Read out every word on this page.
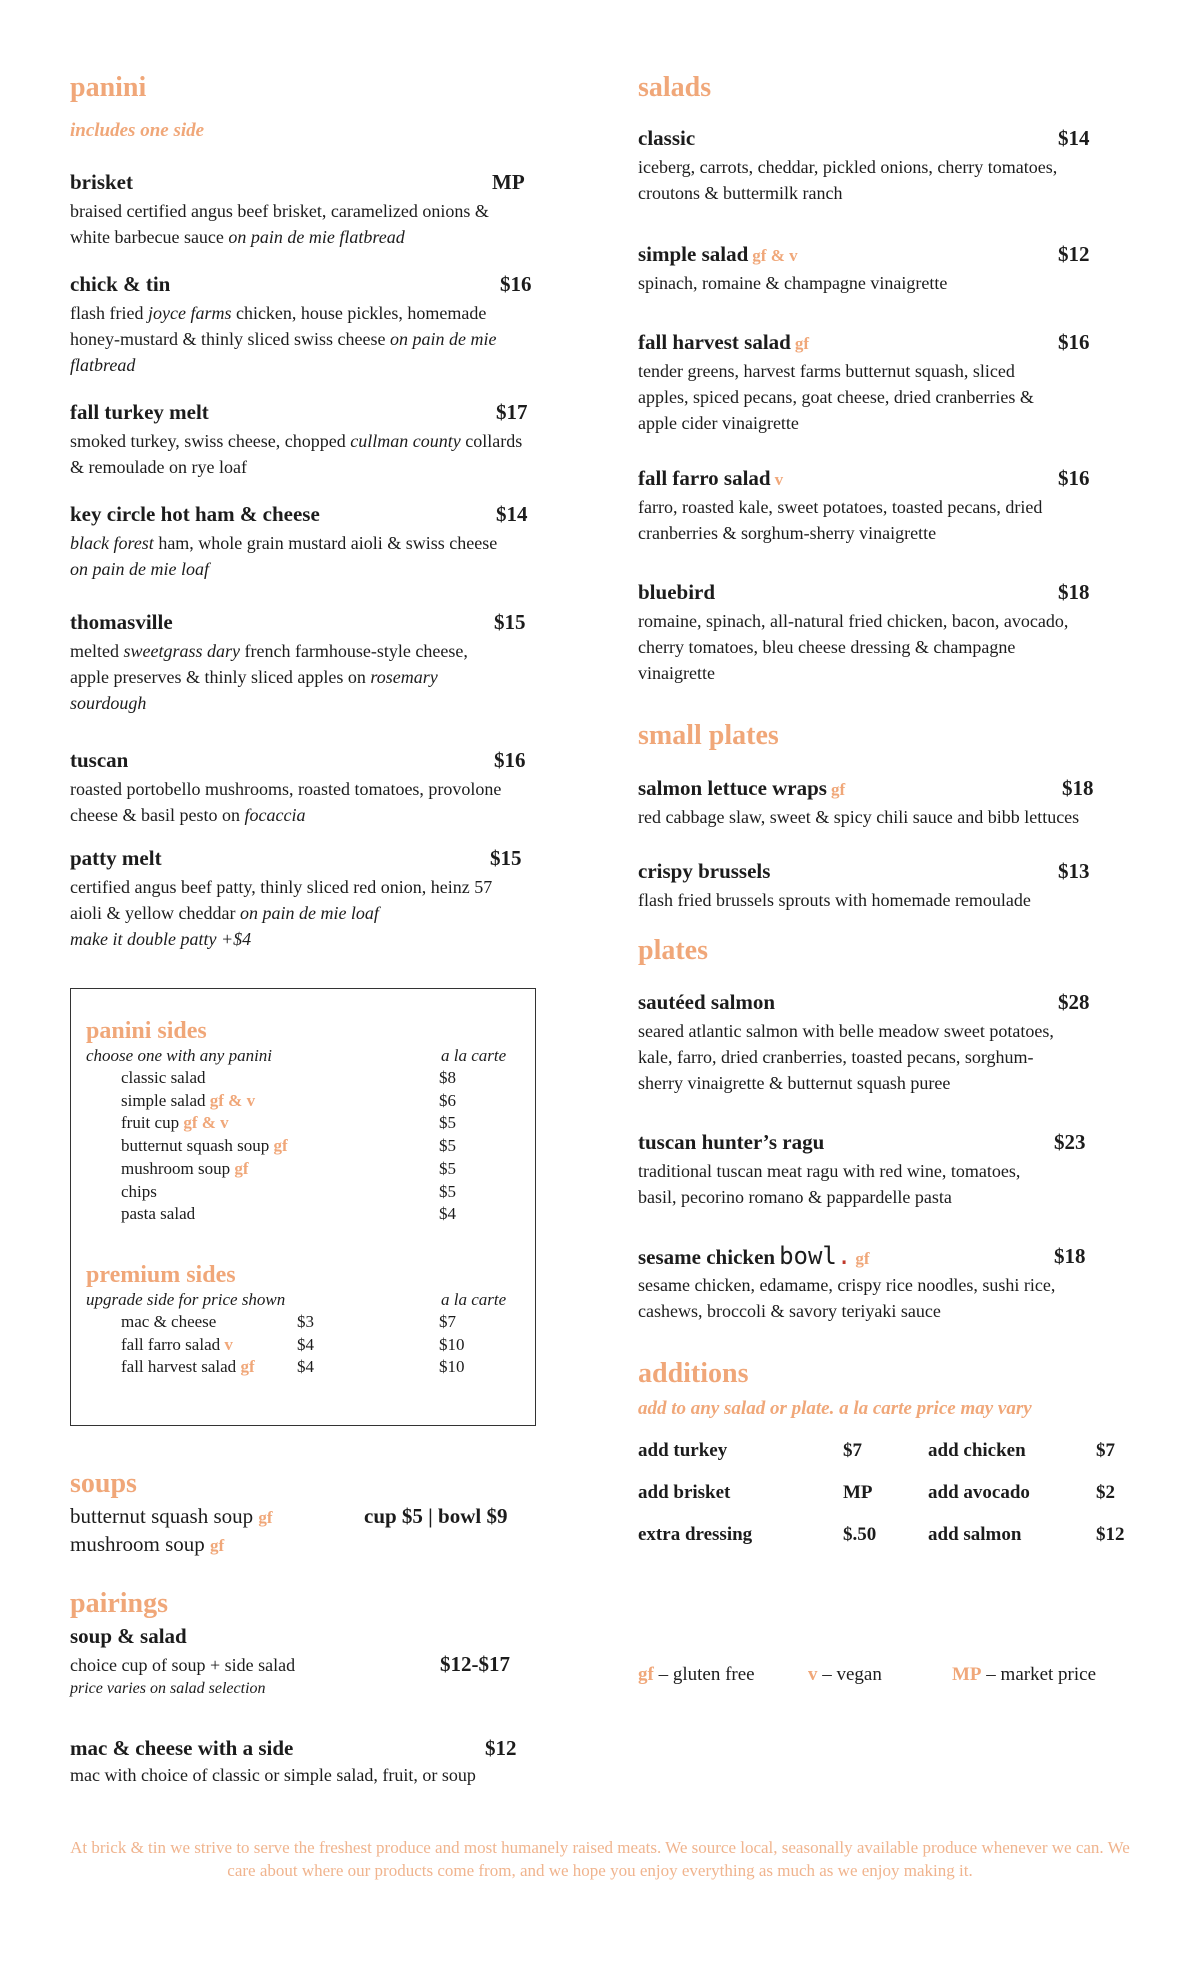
panini
includes one side
brisket	MP
braised certified angus beef brisket, caramelized onions &
white barbecue sauce on pain de mie flatbread
chick & tin	$16
flash fried joyce farms chicken, house pickles, homemade
honey-mustard & thinly sliced swiss cheese on pain de mie
flatbread
fall turkey melt	$17
smoked turkey, swiss cheese, chopped cullman county collards
& remoulade on rye loaf
key circle hot ham & cheese	$14
black forest ham, whole grain mustard aioli & swiss cheese
on pain de mie loaf
thomasville	$15
melted sweetgrass dary french farmhouse-style cheese,
apple preserves & thinly sliced apples on rosemary
sourdough
tuscan	$16
roasted portobello mushrooms, roasted tomatoes, provolone
cheese & basil pesto on focaccia
patty melt	$15
certified angus beef patty, thinly sliced red onion, heinz 57
aioli & yellow cheddar on pain de mie loaf
make it double patty +$4
panini sides
choose one with any panini	a la carte
classic salad	$8
simple salad gf & v	$6
fruit cup gf & v	$5
butternut squash soup gf	$5
mushroom soup gf	$5
chips	$5
pasta salad	$4
premium sides
upgrade side for price shown	a la carte
mac & cheese	$3	$7
fall farro salad v	$4	$10
fall harvest salad gf $4	$10
soups
butternut squash soup gf
mushroom soup gf
cup $5 | bowl $9
pairings
soup & salad
choice cup of soup + side salad
price varies on salad selection
$12-$17
mac & cheese with a side
mac with choice of classic or simple salad, fruit, or soup
$12
salads
classic	$14
iceberg, carrots, cheddar, pickled onions, cherry tomatoes,
croutons & buttermilk ranch
simple salad gf & v	$12
spinach, romaine & champagne vinaigrette
fall harvest salad gf	$16
tender greens, harvest farms butternut squash, sliced
apples, spiced pecans, goat cheese, dried cranberries &
apple cider vinaigrette
fall farro salad v	$16
farro, roasted kale, sweet potatoes, toasted pecans, dried
cranberries & sorghum-sherry vinaigrette
bluebird	$18
romaine, spinach, all-natural fried chicken, bacon, avocado,
cherry tomatoes, bleu cheese dressing & champagne
vinaigrette
small plates
salmon lettuce wraps gf	$18
red cabbage slaw, sweet & spicy chili sauce and bibb lettuces
crispy brussels	$13
flash fried brussels sprouts with homemade remoulade
plates
sautéed salmon	$28
seared atlantic salmon with belle meadow sweet potatoes,
kale, farro, dried cranberries, toasted pecans, sorghum-
sherry vinaigrette & butternut squash puree
tuscan hunter’s ragu	$23
traditional tuscan meat ragu with red wine, tomatoes,
basil, pecorino romano & pappardelle pasta
sesame chicken bowl. gf	$18
sesame chicken, edamame, crispy rice noodles, sushi rice,
cashews, broccoli & savory teriyaki sauce
additions
add to any salad or plate. a la carte price may vary
add turkey	$7	add chicken	$7
add brisket	MP	add avocado	$2
extra dressing	$.50	add salmon	$12
gf – gluten free	v – vegan	MP – market price
At brick & tin we strive to serve the freshest produce and most humanely raised meats. We source local, seasonally available produce whenever we can. We care about where our products come from, and we hope you enjoy everything as much as we enjoy making it.
